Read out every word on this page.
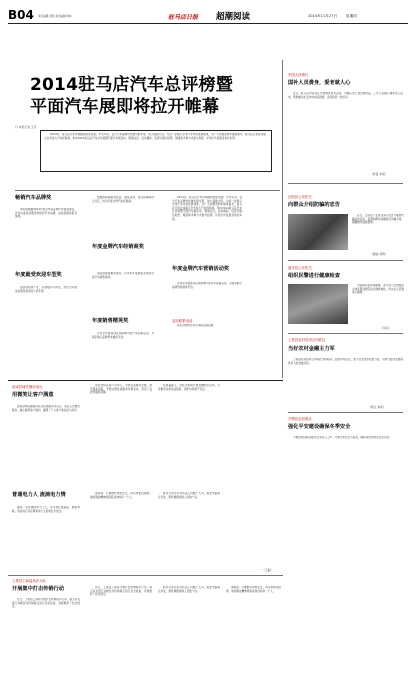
B04 责任编辑 张明 美术编辑 韩伟	驻马店日报 超潮阅读	2014年11月27日 星期四
2014驻马店汽车总评榜暨
平面汽车展即将拉开帷幕
口 本报记者 王冬
2014年，驻马店汽车市场继续稳步发展。岁末年初，各大汽车品牌纷纷推出新车型，加大促销力度。为进一步展示全市汽车市场发展成果，为广大消费者购车提供参考，驻马店日报社将联合全市各大汽车经销商，举办2014驻马店汽车总评榜暨平面汽车展活动，敬请关注。活动期间，读者可通过报纸、网络等多种方式参与投票，评选出年度最受欢迎车型。
畅销汽车品牌奖

本奖项根据2014年度全市各品牌汽车销量排名，评选出最受消费者欢迎的汽车品牌，由各经销商报名参加。

年度最受欢迎车型奖

由读者投票产生，以票数多少排名，选出全年最受消费者欢迎的十款车型。

根据经销商服务质量、销售业绩、售后保障等综合评定，选出年度优秀汽车经销商。

年度金牌汽车经销商奖

由各经销商推荐参评，评出本年度销售业绩突出的汽车销售顾问。

年度销售精英奖

评选全年最具创意和影响力的汽车营销活动，为商家展示品牌形象提供平台。

2014年，驻马店汽车市场继续稳步发展。岁末年初，各大汽车品牌纷纷推出新车型，加大促销力度。为进一步展示全市汽车市场发展成果，为广大消费者购车提供参考，驻马店日报社将联合全市各大汽车经销商，举办2014驻马店汽车总评榜暨平面汽车展活动，敬请关注。活动期间，读者可通过报纸、网络等多种方式参与投票，评选出年度最受欢迎车型。

年度金牌汽车营销活动奖

评选全年最具创意和影响力的汽车营销活动，为商家展示品牌形象提供平台。

活动联系电话：

报名咨询电话详见本报后续报道

中国人民银行
国补人员费身，爱老就人心

近日，驻马店市某社区开展敬老爱老活动，为辖区老人送去慰问品，工作人员耐心倾听老人需求，帮助解决生活中的实际困难，受到居民一致好评。

（杨苗 本报）
正阳县公安机关
向群众介绍防骗的忠告

近日，正阳县公安机关深入社区开展防诈骗宣传活动，民警向群众讲解常见诈骗手段，提醒群众提高警惕。

（谢丽 刘明）
遂平县公安机关
组织民警进行健康检查

为保障民警身体健康，遂平县公安局组织全体民警到医院进行健康体检，切实关心民警身心健康。

（李亚）
上蔡县农村信用合作联社
当好农村金融主力军

上蔡县农村信用合作联社坚持服务三农的市场定位，加大支农贷款投放力度，为地方经济发展提供有力的金融支持。

（陈文 本报）
平舆县农信联社
强化平安建设确保冬季安全

平舆县农信联社强化安全保卫工作，开展冬季安全大检查，确保各营业网点安全运营。

汝南县城关镇信用社
用微笑让客户满意

汝南县城关镇信用社以优质服务为宗旨，营业人员微笑服务，耐心解答客户疑问，赢得了广大客户的信任与好评。

普通电力人 流淌电力情

他是一名普通的电力工人，多年来扎根基层，默默奉献，用实际行动诠释着电力人的责任与担当。

上蔡县工商局执法大队
开展集中打击传销行动

近日，上蔡县工商局开展打击传销集中行动，联合有关部门对辖区内传销窝点进行突击检查，有效维护了社会稳定。

该社坚持以客户为中心，不断完善服务设施，规范服务流程，开展文明优质服务竞赛活动，营造了良好的服务氛围。

在此基础上，该社还积极开展金融知识宣传，引导群众远离非法集资，保护自身财产安全。

他常说：只要群众用电安全，再苦再累也值得。他的敬业精神感染着身边的每一个人。

此次行动共出动执法人员数十人次，查处传销窝点多处，教育遣散传销人员数十名。

（王磊）

近日，上蔡县工商局开展打击传销集中行动，联合有关部门对辖区内传销窝点进行突击检查，有效维护了社会稳定。

此次行动共出动执法人员数十人次，查处传销窝点多处，教育遣散传销人员数十名。

他常说：只要群众用电安全，再苦再累也值得。他的敬业精神感染着身边的每一个人。
